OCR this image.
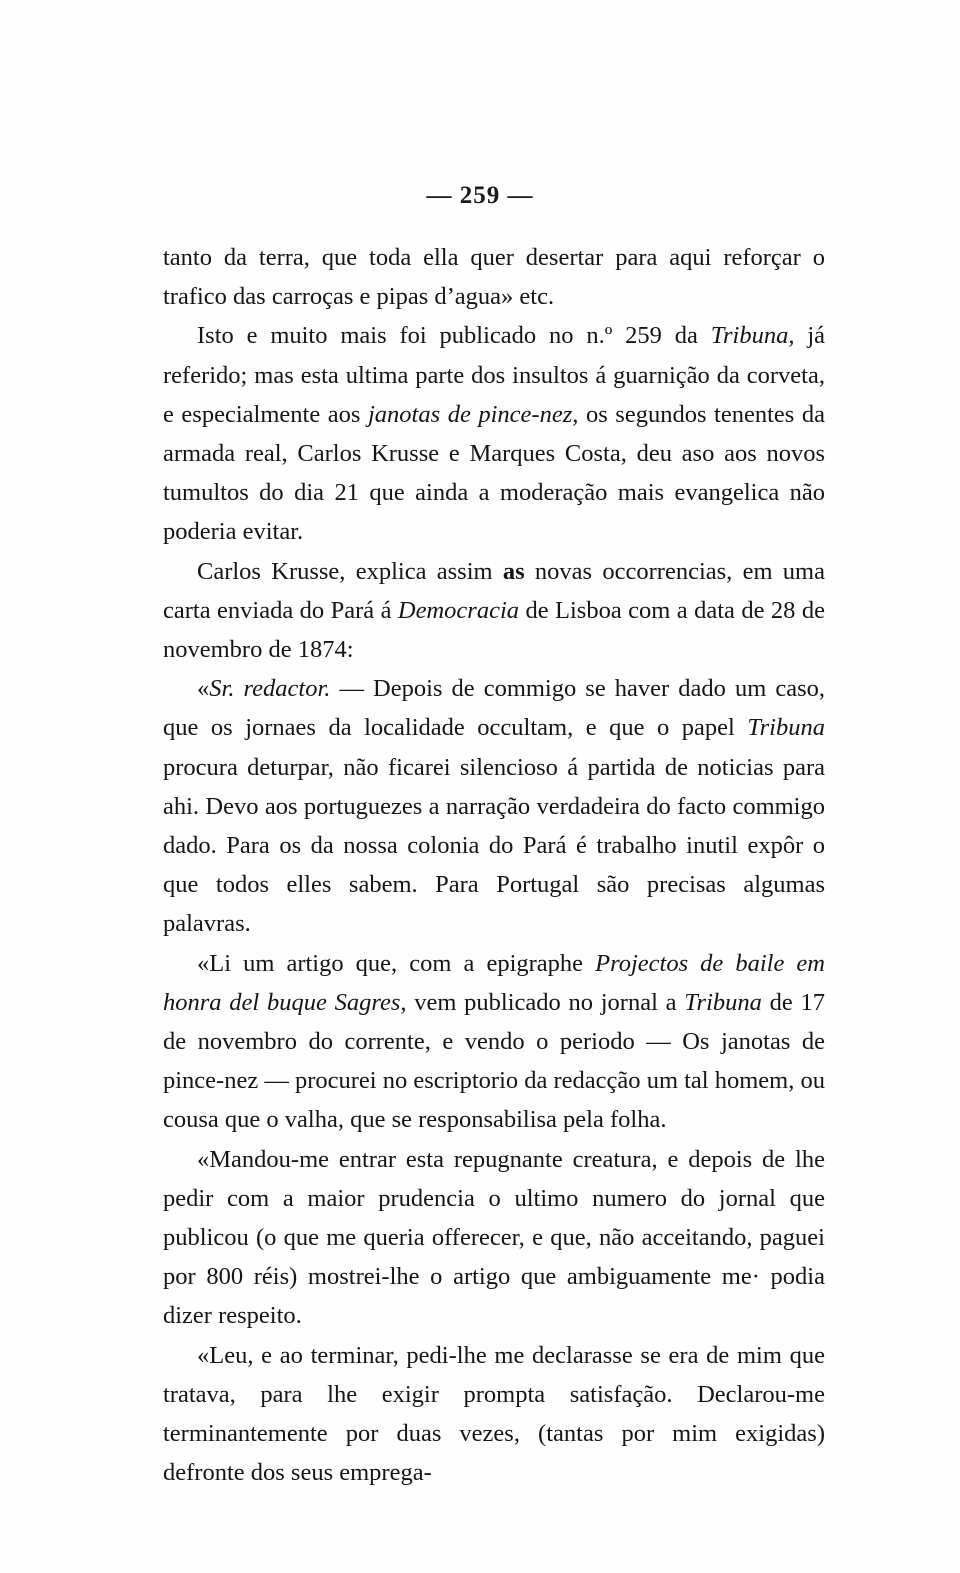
— 259 —

tanto da terra, que toda ella quer desertar para aqui reforçar o trafico das carroças e pipas d’agua» etc.

Isto e muito mais foi publicado no n.º 259 da Tribuna, já referido; mas esta ultima parte dos insultos á guarnição da corveta, e especialmente aos janotas de pince-nez, os segundos tenentes da armada real, Carlos Krusse e Marques Costa, deu aso aos novos tumultos do dia 21 que ainda a moderação mais evangelica não poderia evitar.

Carlos Krusse, explica assim as novas occorrencias, em uma carta enviada do Pará á Democracia de Lisboa com a data de 28 de novembro de 1874:

«Sr. redactor. — Depois de commigo se haver dado um caso, que os jornaes da localidade occultam, e que o papel Tribuna procura deturpar, não ficarei silencioso á partida de noticias para ahi. Devo aos portuguezes a narração verdadeira do facto commigo dado. Para os da nossa colonia do Pará é trabalho inutil expôr o que todos elles sabem. Para Portugal são precisas algumas palavras.

«Li um artigo que, com a epigraphe Projectos de baile em honra del buque Sagres, vem publicado no jornal a Tribuna de 17 de novembro do corrente, e vendo o periodo — Os janotas de pince-nez — procurei no escriptorio da redacção um tal homem, ou cousa que o valha, que se responsabilisa pela folha.

«Mandou-me entrar esta repugnante creatura, e depois de lhe pedir com a maior prudencia o ultimo numero do jornal que publicou (o que me queria offerecer, e que, não acceitando, paguei por 800 réis) mostrei-lhe o artigo que ambiguamente me· podia dizer respeito.

«Leu, e ao terminar, pedi-lhe me declarasse se era de mim que tratava, para lhe exigir prompta satisfação. Declarou-me terminantemente por duas vezes, (tantas por mim exigidas) defronte dos seus emprega-
